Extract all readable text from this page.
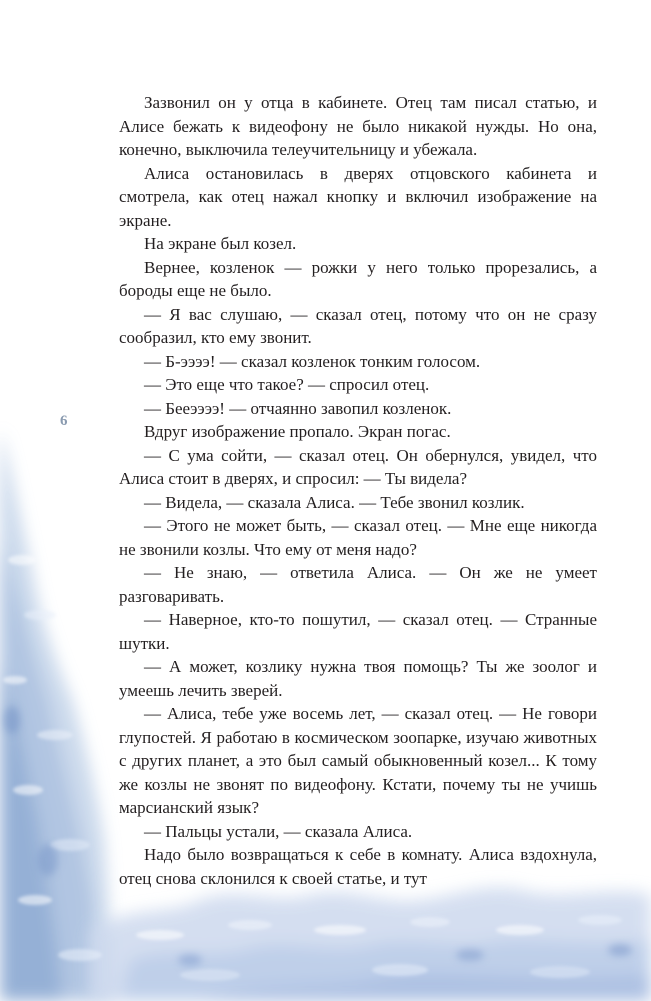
6

Зазвонил он у отца в кабинете. Отец там писал статью, и Алисе бежать к видеофону не было никакой нужды. Но она, конечно, выключила телеучительницу и убежала.

Алиса остановилась в дверях отцовского кабинета и смотрела, как отец нажал кнопку и включил изображение на экране.

На экране был козел.

Вернее, козленок — рожки у него только прорезались, а бороды еще не было.

— Я вас слушаю, — сказал отец, потому что он не сразу сообразил, кто ему звонит.

— Б-ээээ! — сказал козленок тонким голосом.

— Это еще что такое? — спросил отец.

— Бееээээ! — отчаянно завопил козленок.

Вдруг изображение пропало. Экран погас.

— С ума сойти, — сказал отец. Он обернулся, увидел, что Алиса стоит в дверях, и спросил: — Ты видела?

— Видела, — сказала Алиса. — Тебе звонил козлик.

— Этого не может быть, — сказал отец. — Мне еще никогда не звонили козлы. Что ему от меня надо?

— Не знаю, — ответила Алиса. — Он же не умеет разговаривать.

— Наверное, кто-то пошутил, — сказал отец. — Странные шутки.

— А может, козлику нужна твоя помощь? Ты же зоолог и умеешь лечить зверей.

— Алиса, тебе уже восемь лет, — сказал отец. — Не говори глупостей. Я работаю в космическом зоопарке, изучаю животных с других планет, а это был самый обыкновенный козел... К тому же козлы не звонят по видеофону. Кстати, почему ты не учишь марсианский язык?

— Пальцы устали, — сказала Алиса.

Надо было возвращаться к себе в комнату. Алиса вздохнула, отец снова склонился к своей статье, и тут
